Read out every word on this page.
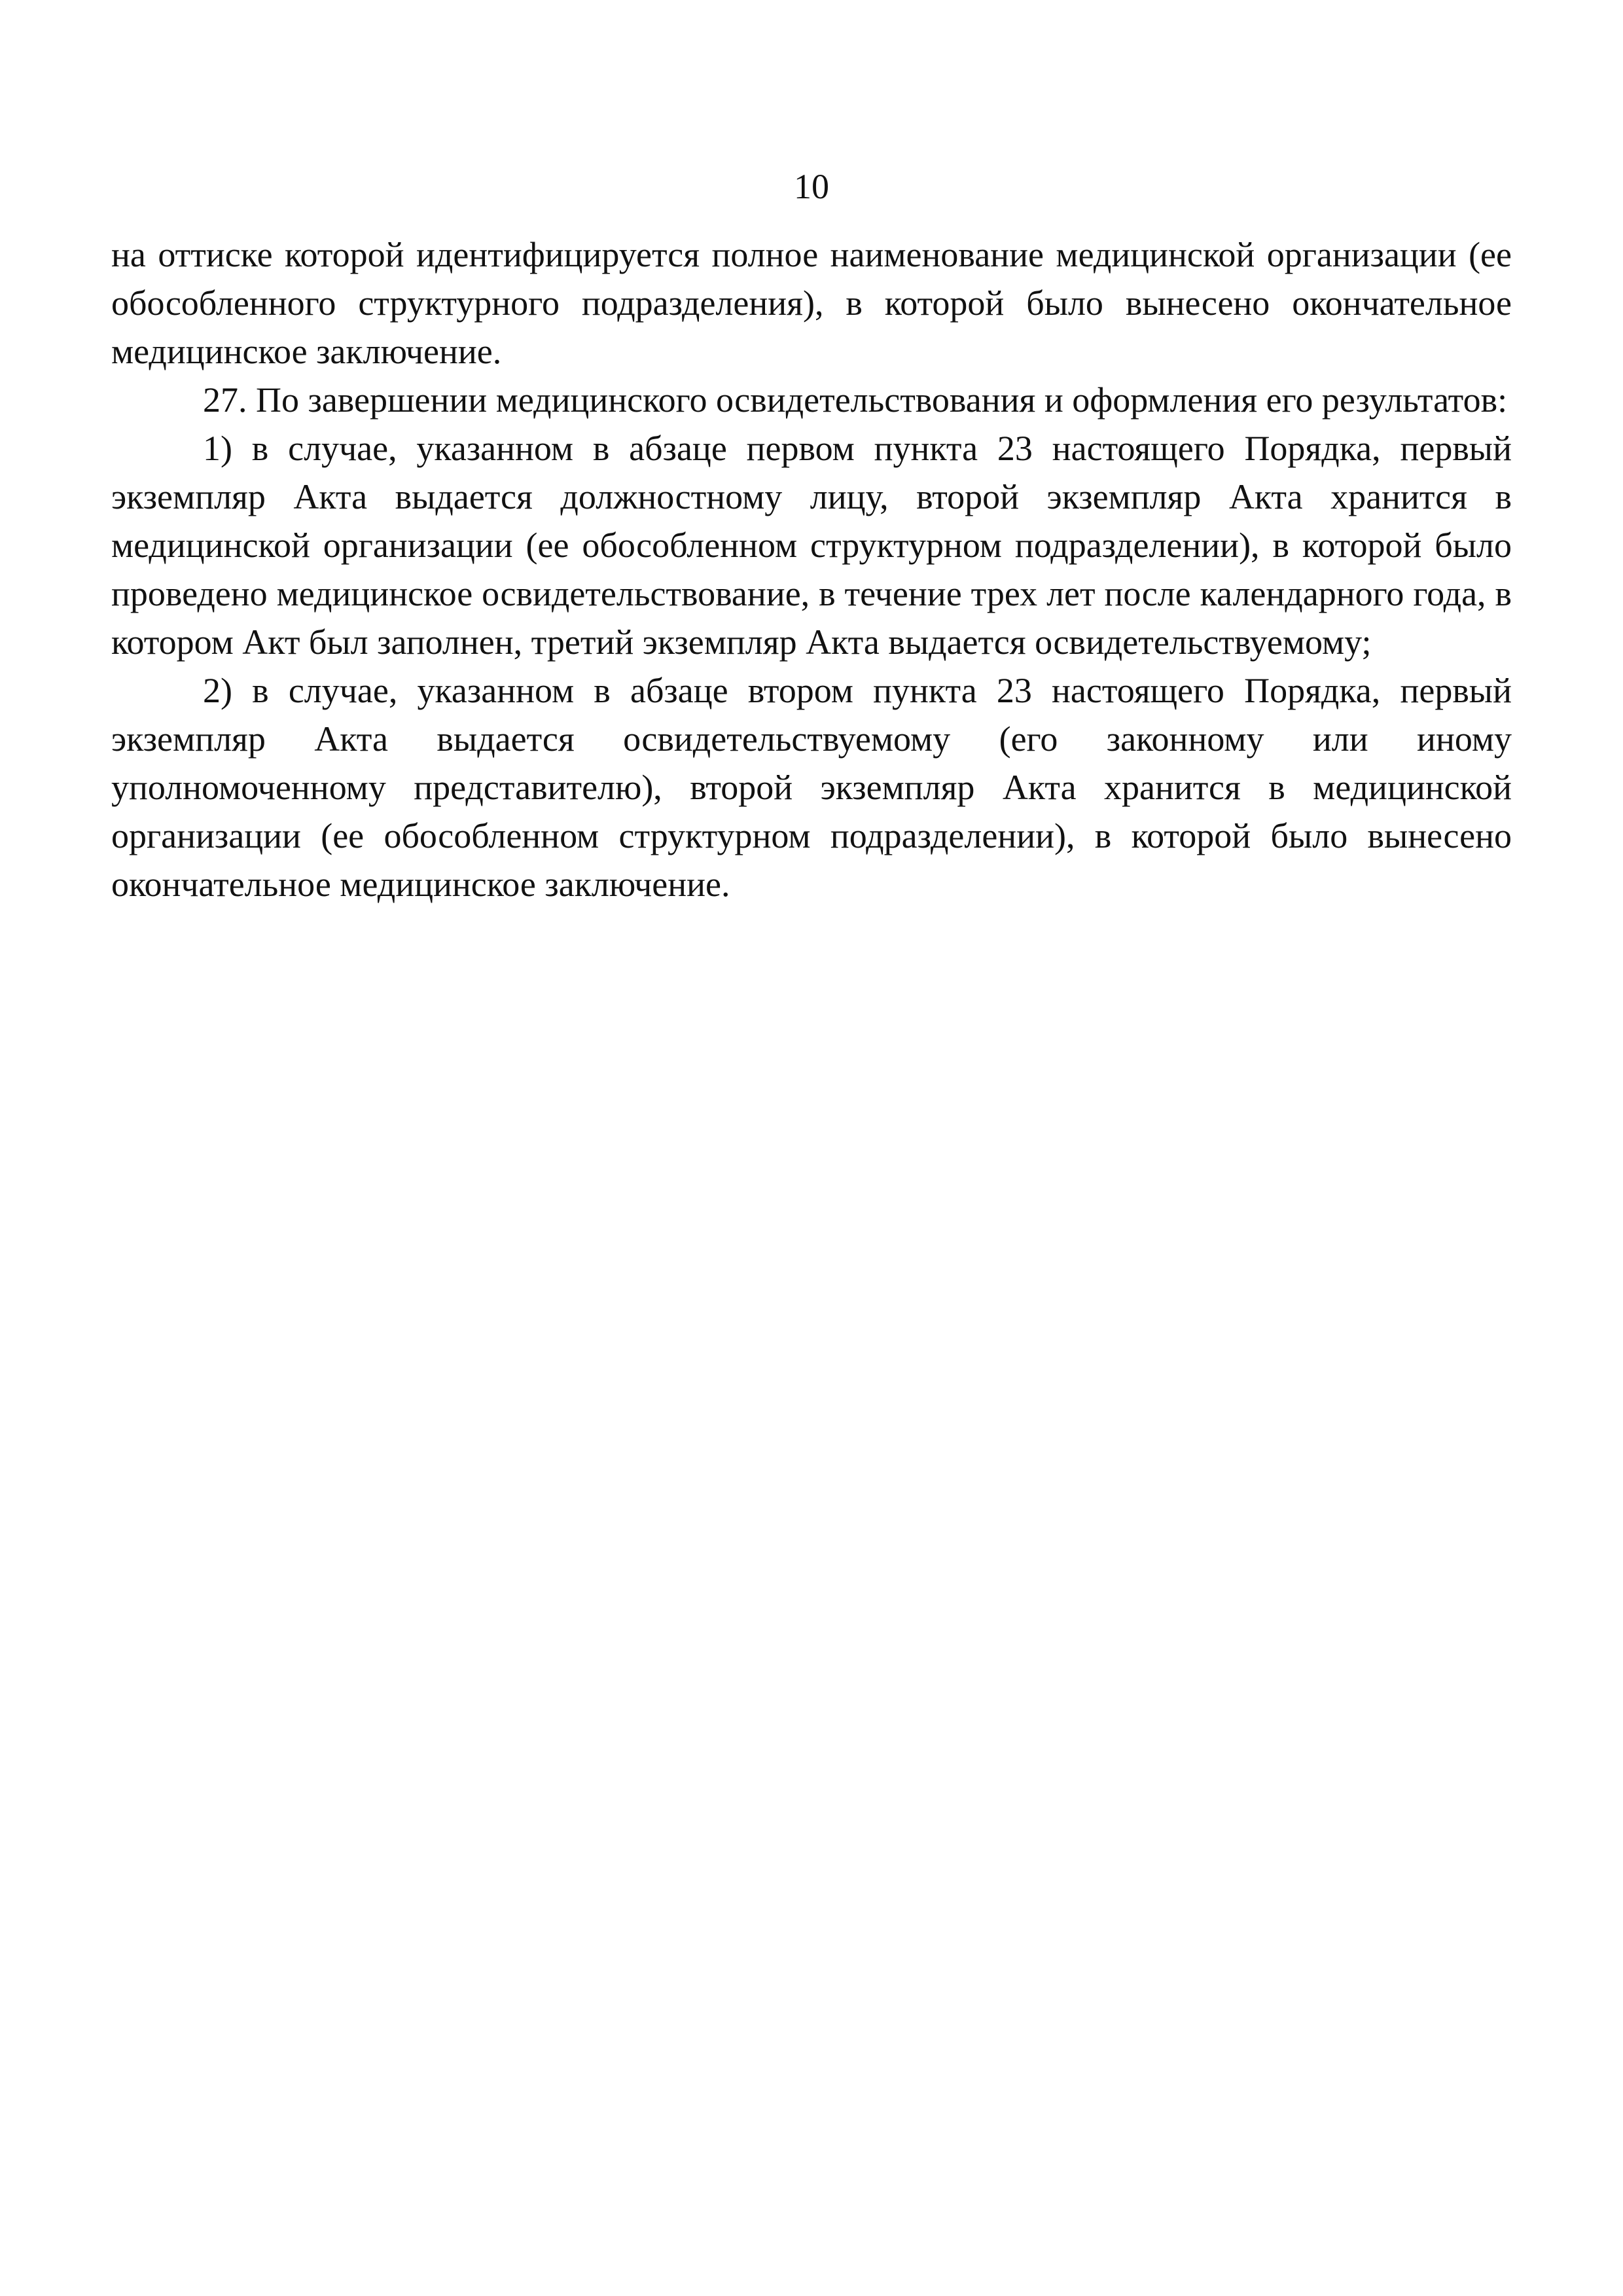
10

на оттиске которой идентифицируется полное наименование медицинской организации (ее обособленного структурного подразделения), в которой было вынесено окончательное медицинское заключение.

27. По завершении медицинского освидетельствования и оформления его результатов:

1) в случае, указанном в абзаце первом пункта 23 настоящего Порядка, первый экземпляр Акта выдается должностному лицу, второй экземпляр Акта хранится в медицинской организации (ее обособленном структурном подразделении), в которой было проведено медицинское освидетельствование, в течение трех лет после календарного года, в котором Акт был заполнен, третий экземпляр Акта выдается освидетельствуемому;

2) в случае, указанном в абзаце втором пункта 23 настоящего Порядка, первый экземпляр Акта выдается освидетельствуемому (его законному или иному уполномоченному представителю), второй экземпляр Акта хранится в медицинской организации (ее обособленном структурном подразделении), в которой было вынесено окончательное медицинское заключение.
